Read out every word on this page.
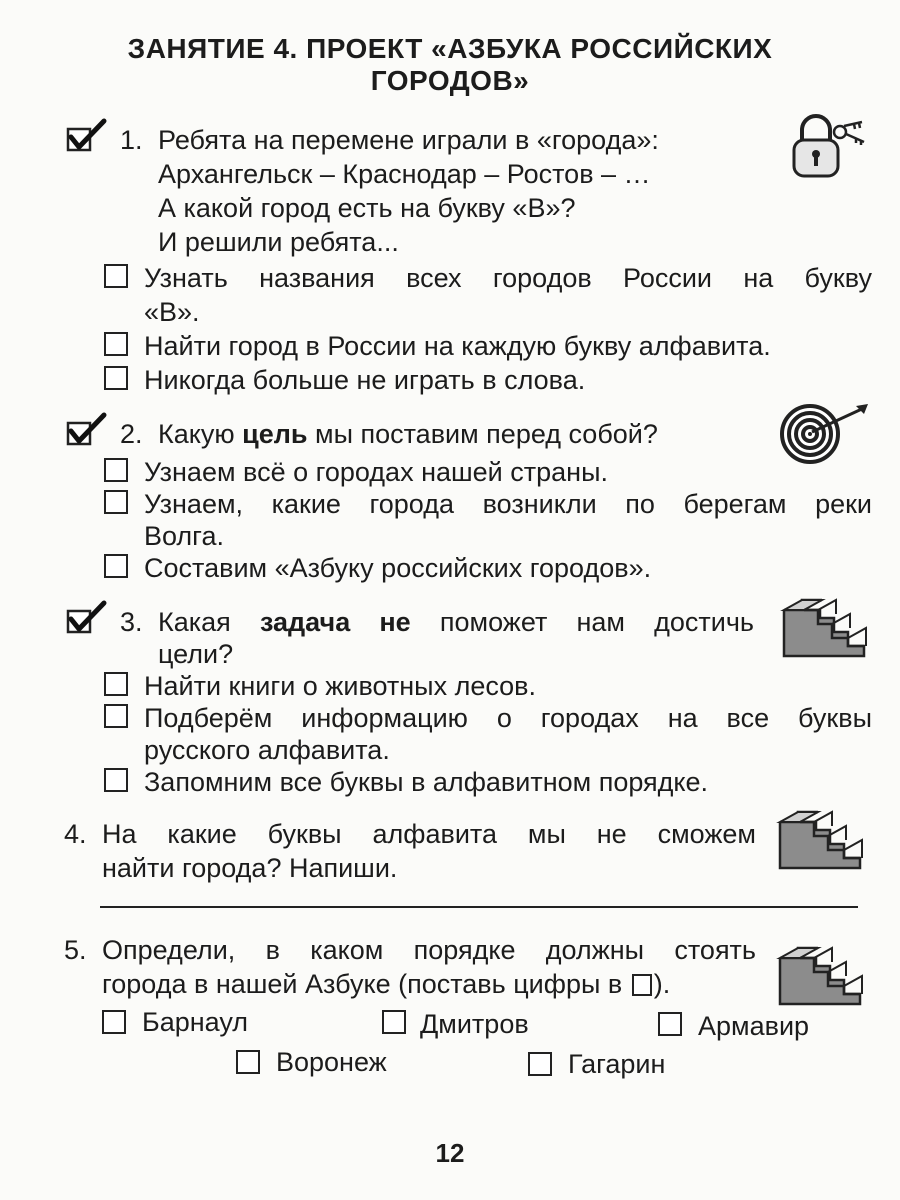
ЗАНЯТИЕ 4. ПРОЕКТ «АЗБУКА РОССИЙСКИХ
ГОРОДОВ»
1. Ребята на перемене играли в «города»:
Архангельск – Краснодар – Ростов – …
А какой город есть на букву «В»?
И решили ребята...
Узнать названия всех городов России на букву
«В».
Найти город в России на каждую букву алфавита.
Никогда больше не играть в слова.
2. Какую цель мы поставим перед собой?
Узнаем всё о городах нашей страны.
Узнаем, какие города возникли по берегам реки
Волга.
Составим «Азбуку российских городов».
3. Какая задача не поможет нам достичь
цели?
Найти книги о животных лесов.
Подберём информацию о городах на все буквы
русского алфавита.
Запомним все буквы в алфавитном порядке.
4. На какие буквы алфавита мы не сможем
найти города? Напиши.
5. Определи, в каком порядке должны стоять
города в нашей Азбуке (поставь цифры в ).
Барнаул	Дмитров	Армавир
Воронеж	Гагарин
12
